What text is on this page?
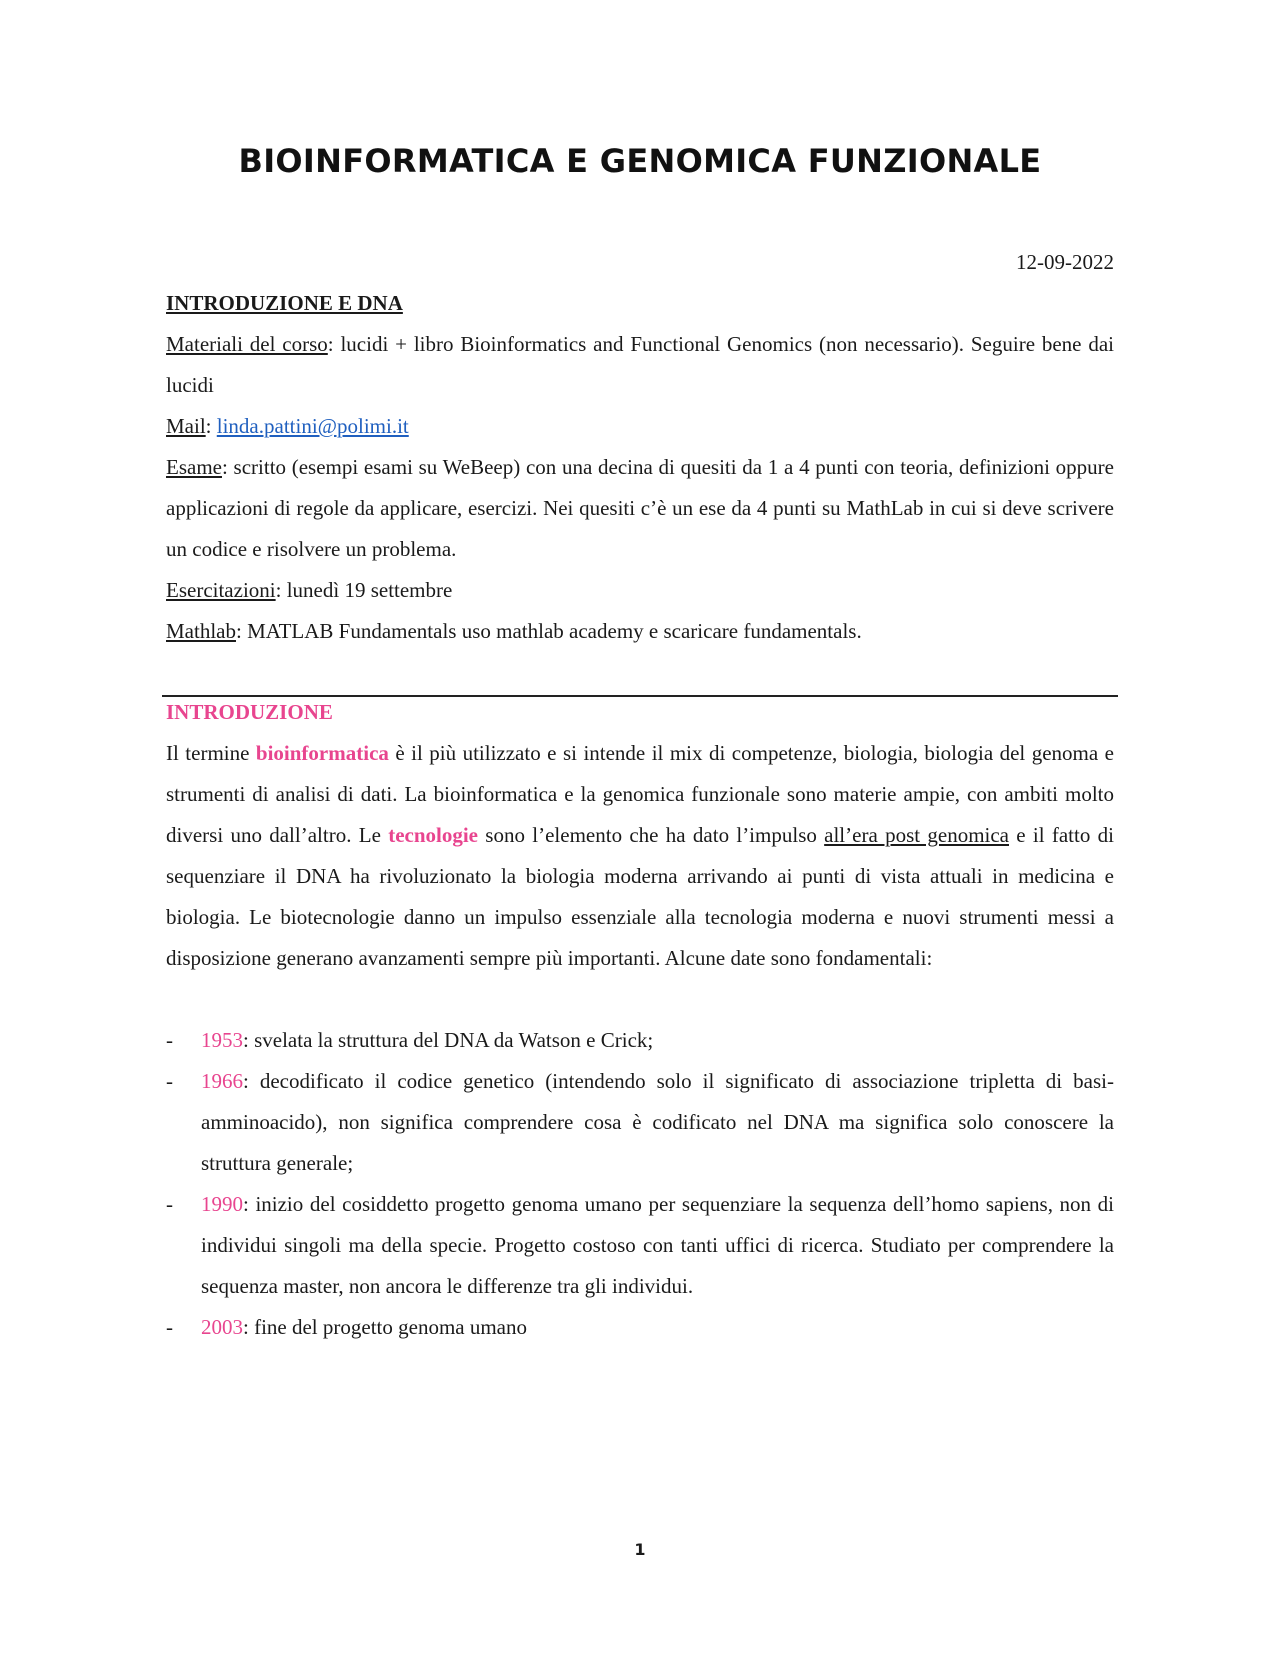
BIOINFORMATICA E GENOMICA FUNZIONALE

12-09-2022

INTRODUZIONE E DNA

Materiali del corso: lucidi + libro Bioinformatics and Functional Genomics (non necessario). Seguire bene dai lucidi

Mail: linda.pattini@polimi.it

Esame: scritto (esempi esami su WeBeep) con una decina di quesiti da 1 a 4 punti con teoria, definizioni oppure applicazioni di regole da applicare, esercizi. Nei quesiti c’è un ese da 4 punti su MathLab in cui si deve scrivere un codice e risolvere un problema.

Esercitazioni: lunedì 19 settembre

Mathlab: MATLAB Fundamentals uso mathlab academy e scaricare fundamentals.

INTRODUZIONE

Il termine bioinformatica è il più utilizzato e si intende il mix di competenze, biologia, biologia del genoma e strumenti di analisi di dati. La bioinformatica e la genomica funzionale sono materie ampie, con ambiti molto diversi uno dall’altro. Le tecnologie sono l’elemento che ha dato l’impulso all’era post genomica e il fatto di sequenziare il DNA ha rivoluzionato la biologia moderna arrivando ai punti di vista attuali in medicina e biologia. Le biotecnologie danno un impulso essenziale alla tecnologia moderna e nuovi strumenti messi a disposizione generano avanzamenti sempre più importanti. Alcune date sono fondamentali:

- 1953: svelata la struttura del DNA da Watson e Crick;
- 1966: decodificato il codice genetico (intendendo solo il significato di associazione tripletta di basi-amminoacido), non significa comprendere cosa è codificato nel DNA ma significa solo conoscere la struttura generale;
- 1990: inizio del cosiddetto progetto genoma umano per sequenziare la sequenza dell’homo sapiens, non di individui singoli ma della specie. Progetto costoso con tanti uffici di ricerca. Studiato per comprendere la sequenza master, non ancora le differenze tra gli individui.
- 2003: fine del progetto genoma umano
1
